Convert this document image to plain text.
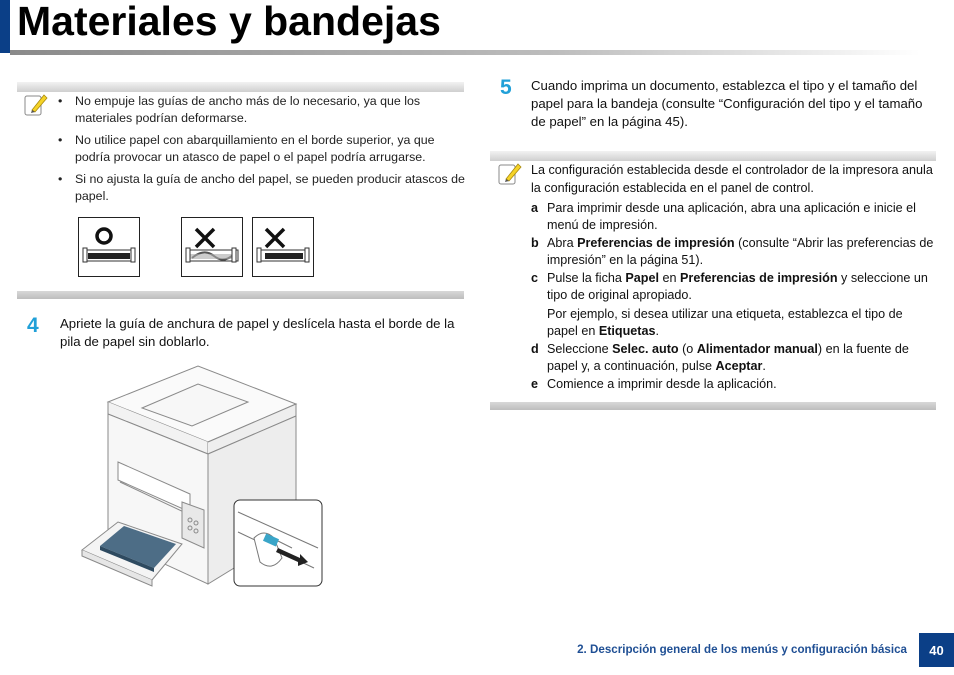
Materiales y bandejas
• No empuje las guías de ancho más de lo necesario, ya que los materiales podrían deformarse.
• No utilice papel con abarquillamiento en el borde superior, ya que podría provocar un atasco de papel o el papel podría arrugarse.
• Si no ajusta la guía de ancho del papel, se pueden producir atascos de papel.
4 Apriete la guía de anchura de papel y deslícela hasta el borde de la pila de papel sin doblarlo.

5 Cuando imprima un documento, establezca el tipo y el tamaño del papel para la bandeja (consulte “Configuración del tipo y el tamaño de papel” en la página 45).

La configuración establecida desde el controlador de la impresora anula la configuración establecida en el panel de control.

a Para imprimir desde una aplicación, abra una aplicación e inicie el menú de impresión.
b Abra Preferencias de impresión (consulte “Abrir las preferencias de impresión” en la página 51).
c Pulse la ficha Papel en Preferencias de impresión y seleccione un tipo de original apropiado.
Por ejemplo, si desea utilizar una etiqueta, establezca el tipo de papel en Etiquetas.
d Seleccione Selec. auto (o Alimentador manual) en la fuente de papel y, a continuación, pulse Aceptar.
e Comience a imprimir desde la aplicación.
2. Descripción general de los menús y configuración básica	40
